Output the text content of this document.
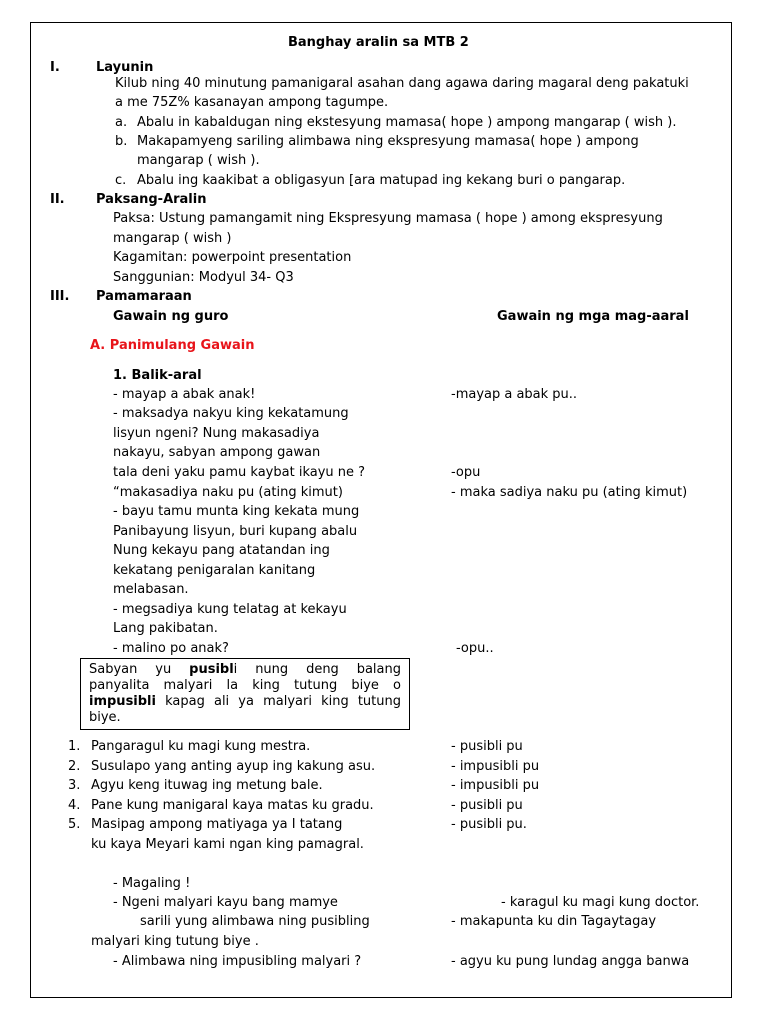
Banghay aralin sa MTB 2
I.	Layunin
Kilub ning 40 minutung pamanigaral asahan dang agawa daring magaral deng pakatuki
a me 75Z% kasanayan ampong tagumpe.
a. Abalu in kabaldugan ning ekstesyung mamasa( hope ) ampong mangarap ( wish ).
b. Makapamyeng sariling alimbawa ning ekspresyung mamasa( hope ) ampong
mangarap ( wish ).
c. Abalu ing kaakibat a obligasyun [ara matupad ing kekang buri o pangarap.
II. Paksang-Aralin
Paksa: Ustung pamangamit ning Ekspresyung mamasa ( hope ) among ekspresyung
mangarap ( wish )
Kagamitan: powerpoint presentation
Sanggunian: Modyul 34- Q3
III. Pamamaraan
Gawain ng guro	Gawain ng mga mag-aaral
A. Panimulang Gawain
1. Balik-aral
- mayap a abak anak!	-mayap a abak pu..
- maksadya nakyu king kekatamung
lisyun ngeni? Nung makasadiya
nakayu, sabyan ampong gawan
tala deni yaku pamu kaybat ikayu ne ?	-opu
“makasadiya naku pu (ating kimut)	- maka sadiya naku pu (ating kimut)
- bayu tamu munta king kekata mung
Panibayung lisyun, buri kupang abalu
Nung kekayu pang atatandan ing
kekatang penigaralan kanitang
melabasan.
- megsadiya kung telatag at kekayu
Lang pakibatan.
- malino po anak?	-opu..
Sabyan yu pusibli nung deng balang
panyalita malyari la king tutung biye o
impusibli kapag ali ya malyari king tutung
biye.
1. Pangaragul ku magi kung mestra.	- pusibli pu
2. Susulapo yang anting ayup ing kakung asu.	- impusibli pu
3. Agyu keng ituwag ing metung bale.	- impusibli pu
4. Pane kung manigaral kaya matas ku gradu.	- pusibli pu
5. Masipag ampong matiyaga ya I tatang	- pusibli pu.
ku kaya Meyari kami ngan king pamagral.
- Magaling !
- Ngeni malyari kayu bang mamye	- karagul ku magi kung doctor.
sarili yung alimbawa ning pusibling	- makapunta ku din Tagaytagay
malyari king tutung biye .
- Alimbawa ning impusibling malyari ?	- agyu ku pung lundag angga banwa
